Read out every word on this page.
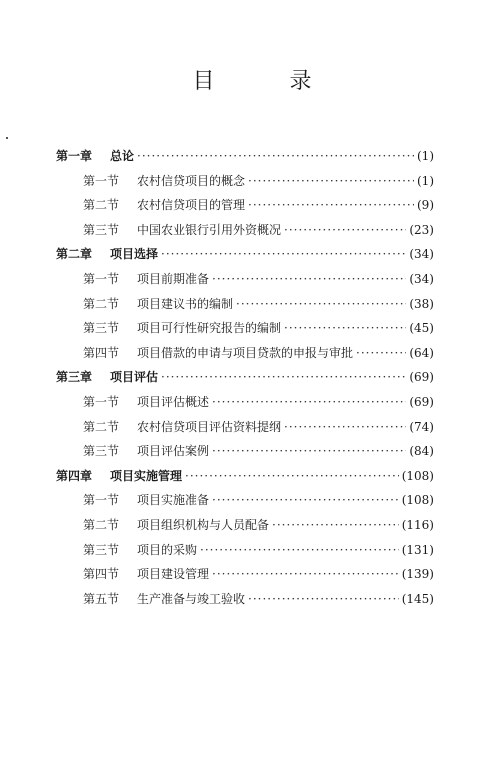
目 录
第一章	总论 ·····	(1)
第一节	农村信贷项目的概念 ·····	(1)
第二节	农村信贷项目的管理 ·····	(9)
第三节	中国农业银行引用外资概况 ·····	(23)
第二章	项目选择 ·····	(34)
第一节	项目前期准备 ·····	(34)
第二节	项目建议书的编制 ·····	(38)
第三节	项目可行性研究报告的编制 ·····	(45)
第四节	项目借款的申请与项目贷款的申报与审批 ·····	(64)
第三章	项目评估 ·····	(69)
第一节	项目评估概述 ·····	(69)
第二节	农村信贷项目评估资料提纲 ·····	(74)
第三节	项目评估案例 ·····	(84)
第四章	项目实施管理 ·····	(108)
第一节	项目实施准备 ·····	(108)
第二节	项目组织机构与人员配备 ·····	(116)
第三节	项目的采购 ·····	(131)
第四节	项目建设管理 ·····	(139)
第五节	生产准备与竣工验收 ·····	(145)
